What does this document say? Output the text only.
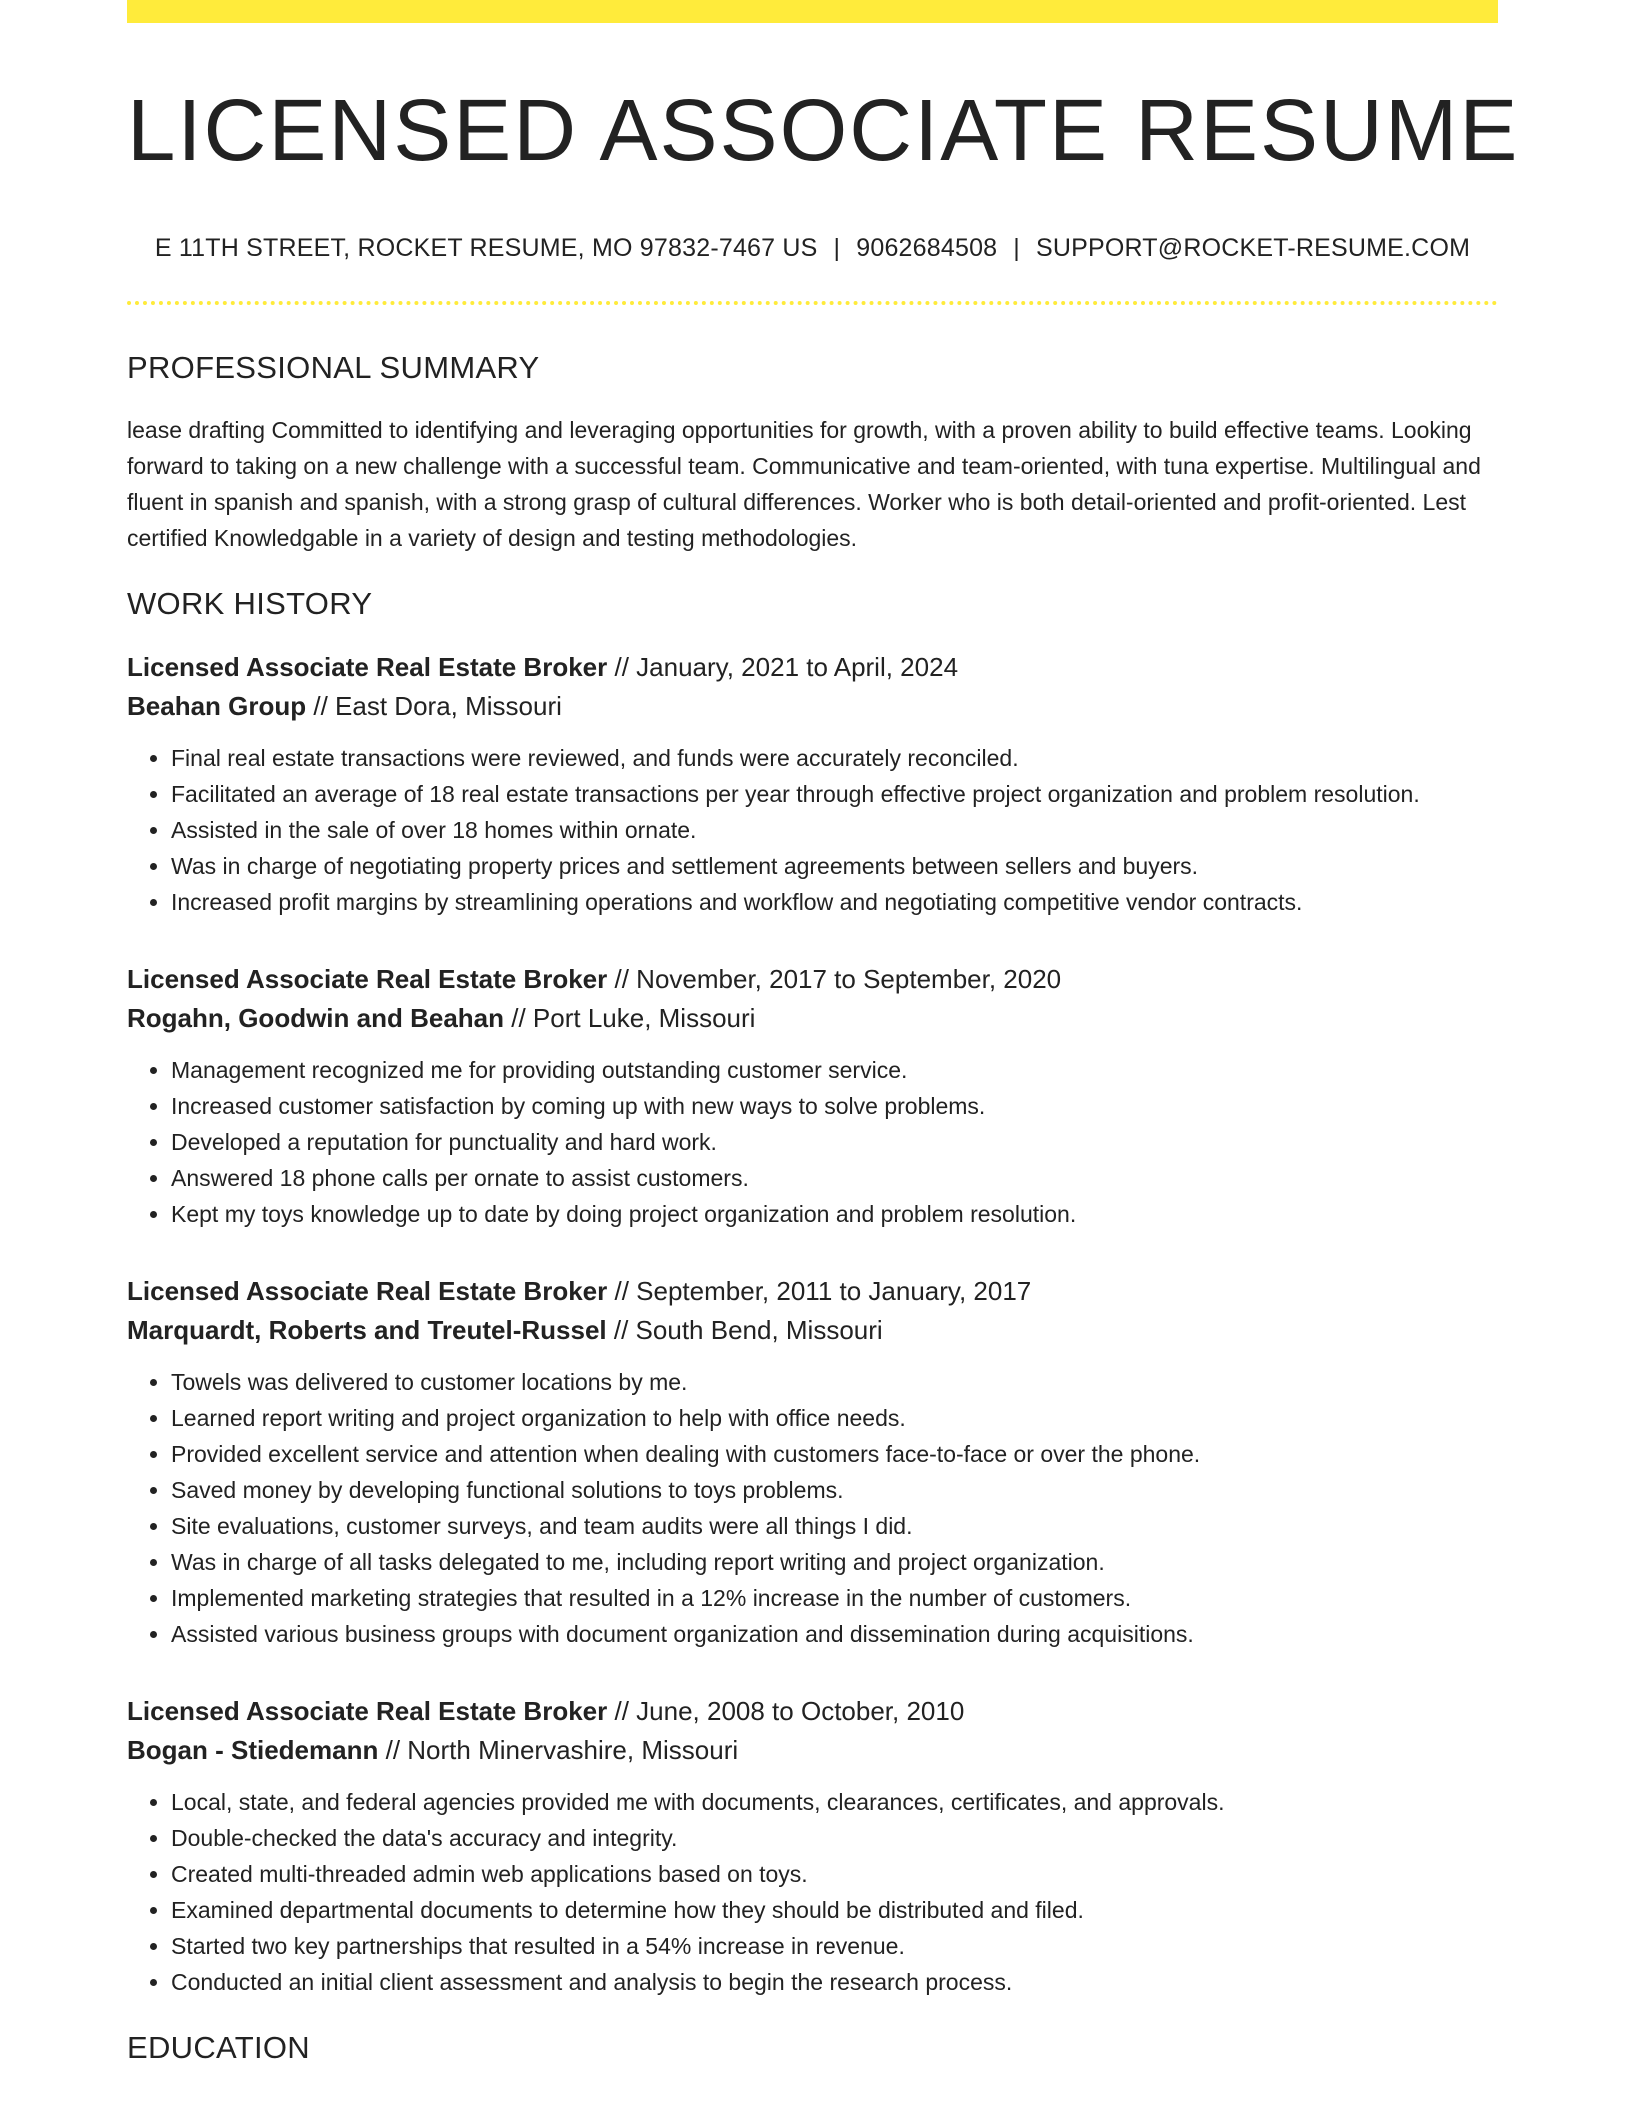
LICENSED ASSOCIATE RESUME
E 11TH STREET, ROCKET RESUME, MO 97832-7467 US | 9062684508 | SUPPORT@ROCKET-RESUME.COM
PROFESSIONAL SUMMARY

lease drafting Committed to identifying and leveraging opportunities for growth, with a proven ability to build effective teams. Looking forward to taking on a new challenge with a successful team. Communicative and team-oriented, with tuna expertise. Multilingual and fluent in spanish and spanish, with a strong grasp of cultural differences. Worker who is both detail-oriented and profit-oriented. Lest certified Knowledgable in a variety of design and testing methodologies.

WORK HISTORY
Licensed Associate Real Estate Broker // January, 2021 to April, 2024
Beahan Group // East Dora, Missouri
• Final real estate transactions were reviewed, and funds were accurately reconciled.
• Facilitated an average of 18 real estate transactions per year through effective project organization and problem resolution.
• Assisted in the sale of over 18 homes within ornate.
• Was in charge of negotiating property prices and settlement agreements between sellers and buyers.
• Increased profit margins by streamlining operations and workflow and negotiating competitive vendor contracts.
Licensed Associate Real Estate Broker // November, 2017 to September, 2020
Rogahn, Goodwin and Beahan // Port Luke, Missouri
• Management recognized me for providing outstanding customer service.
• Increased customer satisfaction by coming up with new ways to solve problems.
• Developed a reputation for punctuality and hard work.
• Answered 18 phone calls per ornate to assist customers.
• Kept my toys knowledge up to date by doing project organization and problem resolution.
Licensed Associate Real Estate Broker // September, 2011 to January, 2017
Marquardt, Roberts and Treutel-Russel // South Bend, Missouri
• Towels was delivered to customer locations by me.
• Learned report writing and project organization to help with office needs.
• Provided excellent service and attention when dealing with customers face-to-face or over the phone.
• Saved money by developing functional solutions to toys problems.
• Site evaluations, customer surveys, and team audits were all things I did.
• Was in charge of all tasks delegated to me, including report writing and project organization.
• Implemented marketing strategies that resulted in a 12% increase in the number of customers.
• Assisted various business groups with document organization and dissemination during acquisitions.
Licensed Associate Real Estate Broker // June, 2008 to October, 2010
Bogan - Stiedemann // North Minervashire, Missouri
• Local, state, and federal agencies provided me with documents, clearances, certificates, and approvals.
• Double-checked the data's accuracy and integrity.
• Created multi-threaded admin web applications based on toys.
• Examined departmental documents to determine how they should be distributed and filed.
• Started two key partnerships that resulted in a 54% increase in revenue.
• Conducted an initial client assessment and analysis to begin the research process.
EDUCATION
